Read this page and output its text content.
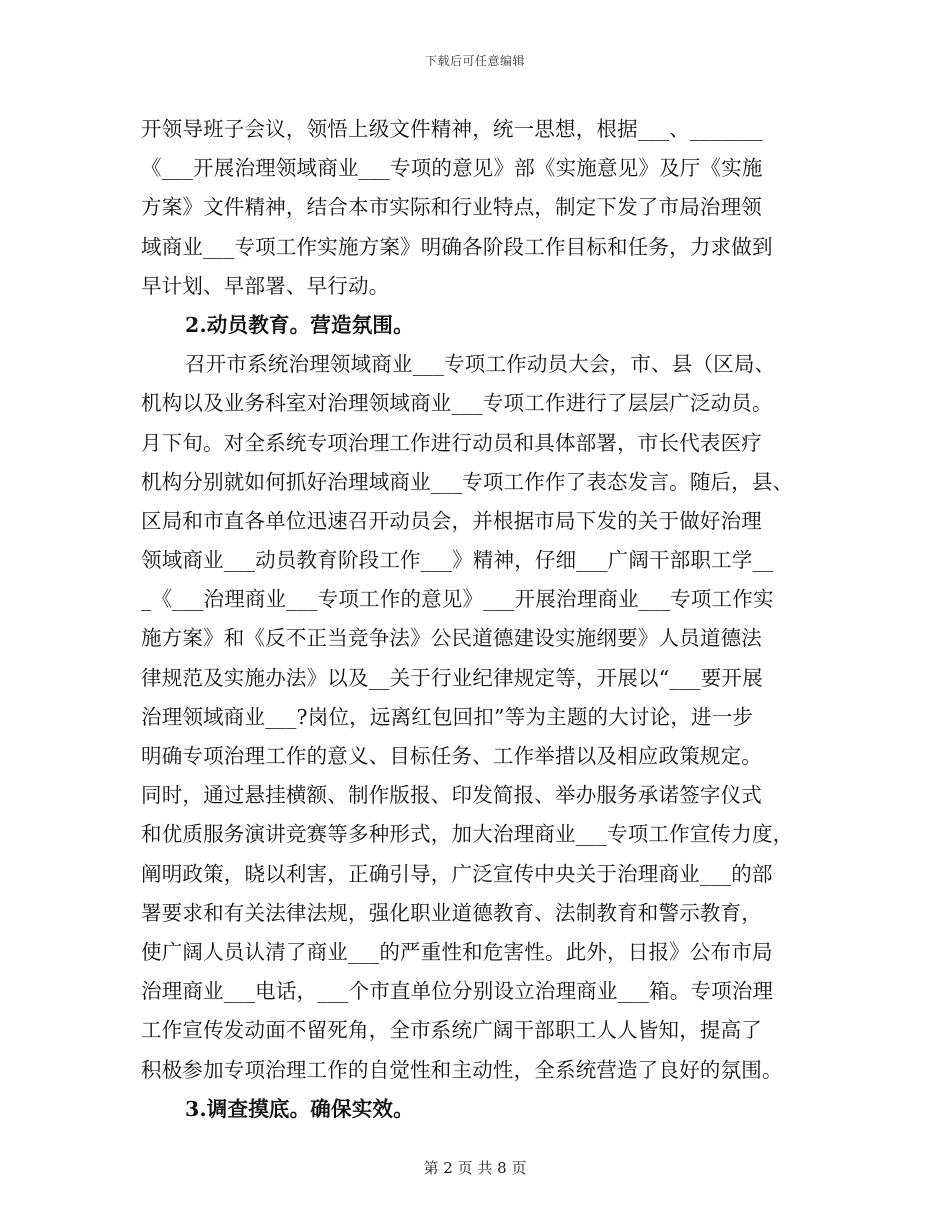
下载后可任意编辑
开领导班子会议，领悟上级文件精神，统一思想，根据___、_______
《___开展治理领域商业___专项的意见》部《实施意见》及厅《实施
方案》文件精神，结合本市实际和行业特点，制定下发了市局治理领
域商业___专项工作实施方案》明确各阶段工作目标和任务，力求做到
早计划、早部署、早行动。
2.动员教育。营造氛围。
召开市系统治理领域商业___专项工作动员大会，市、县（区局、
机构以及业务科室对治理领域商业___专项工作进行了层层广泛动员。
月下旬。对全系统专项治理工作进行动员和具体部署，市长代表医疗
机构分别就如何抓好治理域商业___专项工作作了表态发言。随后，县、
区局和市直各单位迅速召开动员会，并根据市局下发的关于做好治理
领域商业___动员教育阶段工作___》精神，仔细___广阔干部职工学__
_《___治理商业___专项工作的意见》___开展治理商业___专项工作实
施方案》和《反不正当竞争法》公民道德建设实施纲要》人员道德法
律规范及实施办法》以及__关于行业纪律规定等，开展以“___要开展
治理领域商业___?岗位，远离红包回扣”等为主题的大讨论，进一步
明确专项治理工作的意义、目标任务、工作举措以及相应政策规定。
同时，通过悬挂横额、制作版报、印发简报、举办服务承诺签字仪式
和优质服务演讲竞赛等多种形式，加大治理商业___专项工作宣传力度，
阐明政策，晓以利害，正确引导，广泛宣传中央关于治理商业___的部
署要求和有关法律法规，强化职业道德教育、法制教育和警示教育，
使广阔人员认清了商业___的严重性和危害性。此外，日报》公布市局
治理商业___电话，___个市直单位分别设立治理商业___箱。专项治理
工作宣传发动面不留死角，全市系统广阔干部职工人人皆知，提高了
积极参加专项治理工作的自觉性和主动性，全系统营造了良好的氛围。
3.调查摸底。确保实效。
第 2 页 共 8 页
